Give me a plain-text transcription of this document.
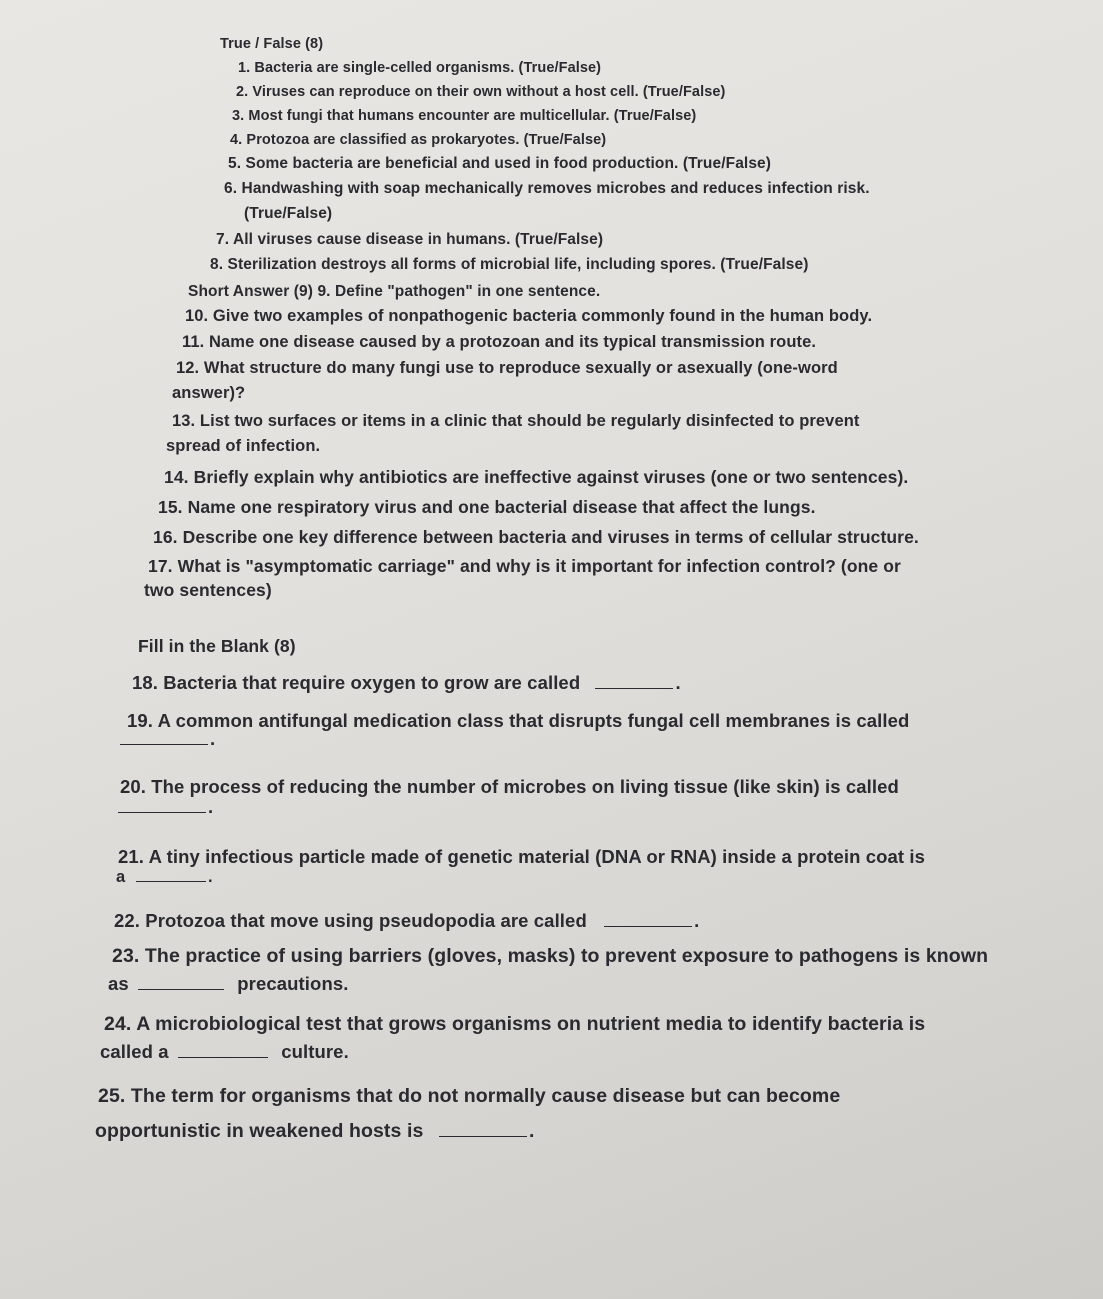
True / False (8)
1. Bacteria are single-celled organisms. (True/False)
2. Viruses can reproduce on their own without a host cell. (True/False)
3. Most fungi that humans encounter are multicellular. (True/False)
4. Protozoa are classified as prokaryotes. (True/False)
5. Some bacteria are beneficial and used in food production. (True/False)
6. Handwashing with soap mechanically removes microbes and reduces infection risk.
(True/False)
7. All viruses cause disease in humans. (True/False)
8. Sterilization destroys all forms of microbial life, including spores. (True/False)
Short Answer (9) 9. Define "pathogen" in one sentence.
10. Give two examples of nonpathogenic bacteria commonly found in the human body.
11. Name one disease caused by a protozoan and its typical transmission route.
12. What structure do many fungi use to reproduce sexually or asexually (one-word
answer)?
13. List two surfaces or items in a clinic that should be regularly disinfected to prevent
spread of infection.
14. Briefly explain why antibiotics are ineffective against viruses (one or two sentences).
15. Name one respiratory virus and one bacterial disease that affect the lungs.
16. Describe one key difference between bacteria and viruses in terms of cellular structure.
17. What is "asymptomatic carriage" and why is it important for infection control? (one or
two sentences)
Fill in the Blank (8)
18. Bacteria that require oxygen to grow are called	.
19. A common antifungal medication class that disrupts fungal cell membranes is called
.
20. The process of reducing the number of microbes on living tissue (like skin) is called
.
21. A tiny infectious particle made of genetic material (DNA or RNA) inside a protein coat is
a	.
22. Protozoa that move using pseudopodia are called	.
23. The practice of using barriers (gloves, masks) to prevent exposure to pathogens is known
as	precautions.
24. A microbiological test that grows organisms on nutrient media to identify bacteria is
called a	culture.
25. The term for organisms that do not normally cause disease but can become
opportunistic in weakened hosts is	.
